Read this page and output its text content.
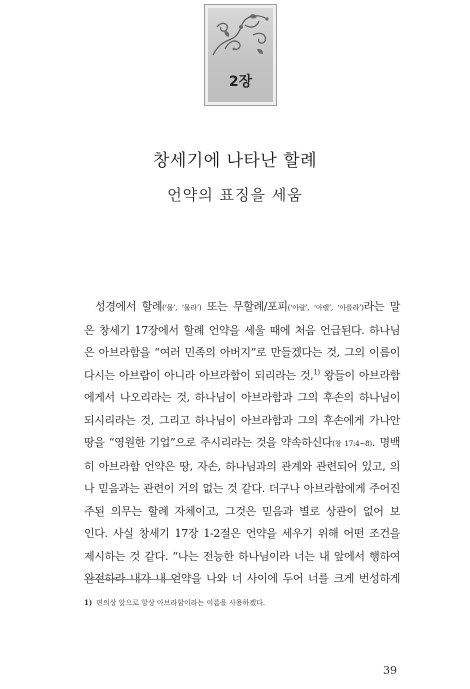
2장
창세기에 나타난 할례
언약의 표징을 세움
성경에서 할례(‘물’, ‘물라’) 또는 무할례/포피(‘아랄’, ‘아렐’, ‘아를라’)라는 말
은 창세기 17장에서 할례 언약을 세울 때에 처음 언급된다. 하나님
은 아브라함을 “여러 민족의 아버지”로 만들겠다는 것, 그의 이름이
다시는 아브람이 아니라 아브라함이 되리라는 것,$^{1)}$ 왕들이 아브라함
에게서 나오리라는 것, 하나님이 아브라함과 그의 후손의 하나님이
되시리라는 것, 그리고 하나님이 아브라함과 그의 후손에게 가나안
땅을 “영원한 기업”으로 주시리라는 것을 약속하신다(창 17:4~8). 명백
히 아브라함 언약은 땅, 자손, 하나님과의 관계와 관련되어 있고, 의
나 믿음과는 관련이 거의 없는 것 같다. 더구나 아브라함에게 주어진
주된 의무는 할례 자체이고, 그것은 믿음과 별로 상관이 없어 보
인다. 사실 창세기 17장 1-2절은 언약을 세우기 위해 어떤 조건을
제시하는 것 같다. “나는 전능한 하나님이라 너는 내 앞에서 행하여
완전하라 내가 내 언약을 나와 너 사이에 두어 너를 크게 번성하게
1) 편의상 앞으로 항상 아브라함이라는 이름을 사용하겠다.
39
